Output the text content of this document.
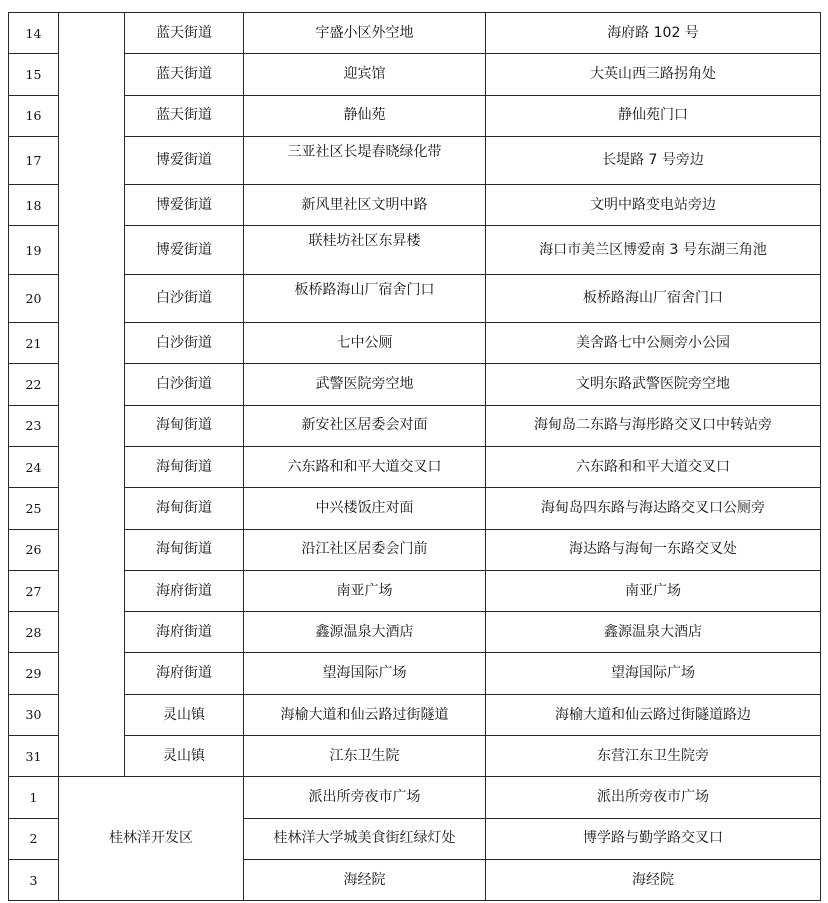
14		蓝天街道	宇盛小区外空地	海府路 102 号
15		蓝天街道	迎宾馆	大英山西三路拐角处
16		蓝天街道	静仙苑	静仙苑门口
17		博爱街道	三亚社区长堤春晓绿化带	长堤路 7 号旁边
18		博爱街道	新风里社区文明中路	文明中路变电站旁边
19		博爱街道	联桂坊社区东昇楼	海口市美兰区博爱南 3 号东湖三角池
20		白沙街道	板桥路海山厂宿舍门口	板桥路海山厂宿舍门口
21		白沙街道	七中公厕	美舍路七中公厕旁小公园
22		白沙街道	武警医院旁空地	文明东路武警医院旁空地
23		海甸街道	新安社区居委会对面	海甸岛二东路与海彤路交叉口中转站旁
24		海甸街道	六东路和和平大道交叉口	六东路和和平大道交叉口
25		海甸街道	中兴楼饭庄对面	海甸岛四东路与海达路交叉口公厕旁
26		海甸街道	沿江社区居委会门前	海达路与海甸一东路交叉处
27		海府街道	南亚广场	南亚广场
28		海府街道	鑫源温泉大酒店	鑫源温泉大酒店
29		海府街道	望海国际广场	望海国际广场
30		灵山镇	海榆大道和仙云路过街隧道	海榆大道和仙云路过街隧道路边
31		灵山镇	江东卫生院	东营江东卫生院旁
1	桂林洋开发区		派出所旁夜市广场	派出所旁夜市广场
2			桂林洋大学城美食街红绿灯处	博学路与勤学路交叉口
3			海经院	海经院
